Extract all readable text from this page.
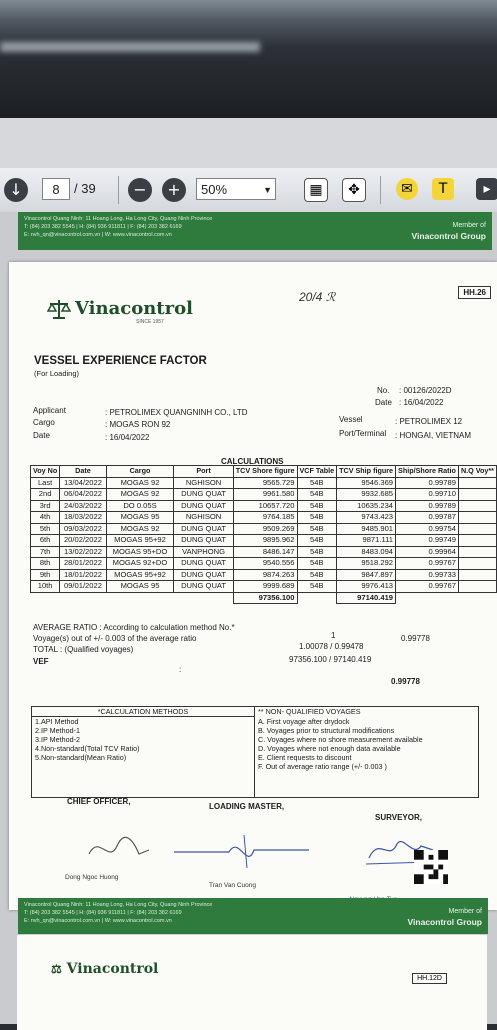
↓	8	/ 39	−	+	50%	▼	▦	✥	✉	T	▸
Vinacontrol Quang Ninh: 11 Hoang Long, Ha Long City, Quang Ninh Province
T: (84) 203 382 5545 | H: (84) 936 911811 | F: (84) 203 382 6169
E: nvh_qn@vinacontrol.com.vn | W: www.vinacontrol.com.vn
Member of
Vinacontrol Group
HH.26
Vinacontrol
SINCE 1957
20/4 ℛ
VESSEL EXPERIENCE FACTOR
(For Loading)
No. : 00126/2022D
Date : 16/04/2022
Applicant	: PETROLIMEX QUANGNINH CO., LTD
Cargo	: MOGAS RON 92
Date	: 16/04/2022
Vessel	: PETROLIMEX 12
Port/Terminal : HONGAI, VIETNAM
CALCULATIONS
Voy No	Date	Cargo	Port	TCV Shore figure	VCF Table	TCV Ship figure	Ship/Shore Ratio	N.Q Voy**
Last	13/04/2022	MOGAS 92	NGHISON	9565.729	54B	9546.369	0.99789	
2nd	06/04/2022	MOGAS 92	DUNG QUAT	9961.580	54B	9932.685	0.99710	
3rd	24/03/2022	DO 0.05S	DUNG QUAT	10657.720	54B	10635.234	0.99789	
4th	18/03/2022	MOGAS 95	NGHISON	9764.185	54B	9743.423	0.99787	
5th	09/03/2022	MOGAS 92	DUNG QUAT	9509.269	54B	9485.901	0.99754	
6th	20/02/2022	MOGAS 95+92	DUNG QUAT	9895.962	54B	9871.111	0.99749	
7th	13/02/2022	MOGAS 95+DO	VANPHONG	8486.147	54B	8483.094	0.99964	
8th	28/01/2022	MOGAS 92+DO	DUNG QUAT	9540.556	54B	9518.292	0.99767	
9th	18/01/2022	MOGAS 95+92	DUNG QUAT	9874.263	54B	9847.897	0.99733	
10th	09/01/2022	MOGAS 95	DUNG QUAT	9999.689	54B	9976.413	0.99767	
				97356.100		97140.419		
AVERAGE RATIO : According to calculation method No.*
1	0.99778
Voyage(s) out of +/- 0.003 of the average ratio
1.00078 / 0.99478
TOTAL : (Qualified voyages)
97356.100 / 97140.419
VEF
:
0.99778
*CALCULATION METHODS
1.API Method
2.IP Method-1
3.IP Method-2
4.Non-standard(Total TCV Ratio)
5.Non-standard(Mean Ratio)
** NON- QUALIFIED VOYAGES
A. First voyage after drydock
B. Voyages prior to structural modifications
C. Voyages where no shore measurement available
D. Voyages where not enough data available
E. Client requests to discount
F. Out of average ratio range (+/- 0.003 )
CHIEF OFFICER,
LOADING MASTER,
SURVEYOR,
Dong Ngoc Huong
Tran Van Cuong
Vinacontrol Quang Ninh: 11 Hoang Long, Ha Long City, Quang Ninh Province
T: (84) 203 382 5545 | H: (84) 936 911811 | F: (84) 203 382 6169
E: nvh_qn@vinacontrol.com.vn | W: www.vinacontrol.com.vn
Member of
Vinacontrol Group
⚖ Vinacontrol
HH.12D
